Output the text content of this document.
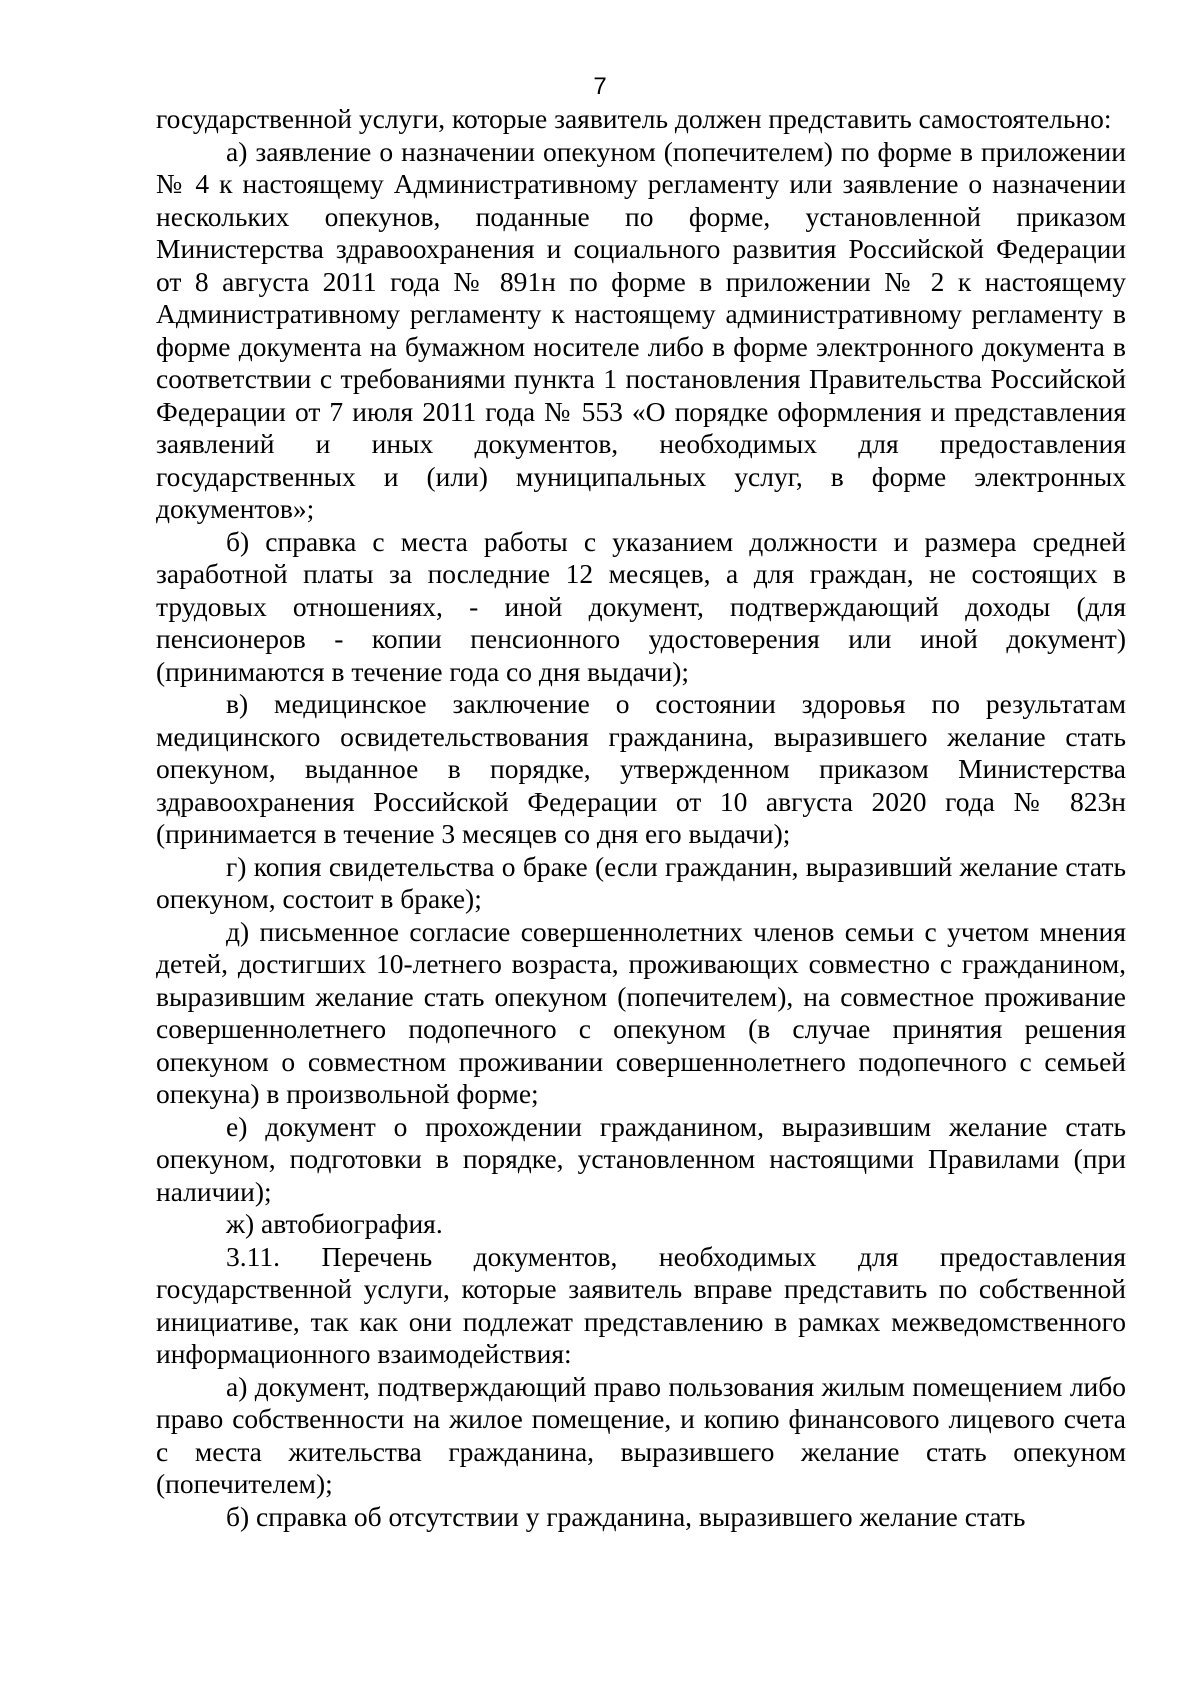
7

государственной услуги, которые заявитель должен представить самостоятельно:

а) заявление о назначении опекуном (попечителем) по форме в приложении № 4 к настоящему Административному регламенту или заявление о назначении нескольких опекунов, поданные по форме, установленной приказом Министерства здравоохранения и социального развития Российской Федерации от 8 августа 2011 года № 891н по форме в приложении № 2 к настоящему Административному регламенту к настоящему административному регламенту в форме документа на бумажном носителе либо в форме электронного документа в соответствии с требованиями пункта 1 постановления Правительства Российской Федерации от 7 июля 2011 года № 553 «О порядке оформления и представления заявлений и иных документов, необходимых для предоставления государственных и (или) муниципальных услуг, в форме электронных документов»;

б) справка с места работы с указанием должности и размера средней заработной платы за последние 12 месяцев, а для граждан, не состоящих в трудовых отношениях, - иной документ, подтверждающий доходы (для пенсионеров - копии пенсионного удостоверения или иной документ) (принимаются в течение года со дня выдачи);

в) медицинское заключение о состоянии здоровья по результатам медицинского освидетельствования гражданина, выразившего желание стать опекуном, выданное в порядке, утвержденном приказом Министерства здравоохранения Российской Федерации от 10 августа 2020 года № 823н (принимается в течение 3 месяцев со дня его выдачи);

г) копия свидетельства о браке (если гражданин, выразивший желание стать опекуном, состоит в браке);

д) письменное согласие совершеннолетних членов семьи с учетом мнения детей, достигших 10-летнего возраста, проживающих совместно с гражданином, выразившим желание стать опекуном (попечителем), на совместное проживание совершеннолетнего подопечного с опекуном (в случае принятия решения опекуном о совместном проживании совершеннолетнего подопечного с семьей опекуна) в произвольной форме;

е) документ о прохождении гражданином, выразившим желание стать опекуном, подготовки в порядке, установленном настоящими Правилами (при наличии);

ж) автобиография.

3.11. Перечень документов, необходимых для предоставления государственной услуги, которые заявитель вправе представить по собственной инициативе, так как они подлежат представлению в рамках межведомственного информационного взаимодействия:

а) документ, подтверждающий право пользования жилым помещением либо право собственности на жилое помещение, и копию финансового лицевого счета с места жительства гражданина, выразившего желание стать опекуном (попечителем);

б) справка об отсутствии у гражданина, выразившего желание стать
